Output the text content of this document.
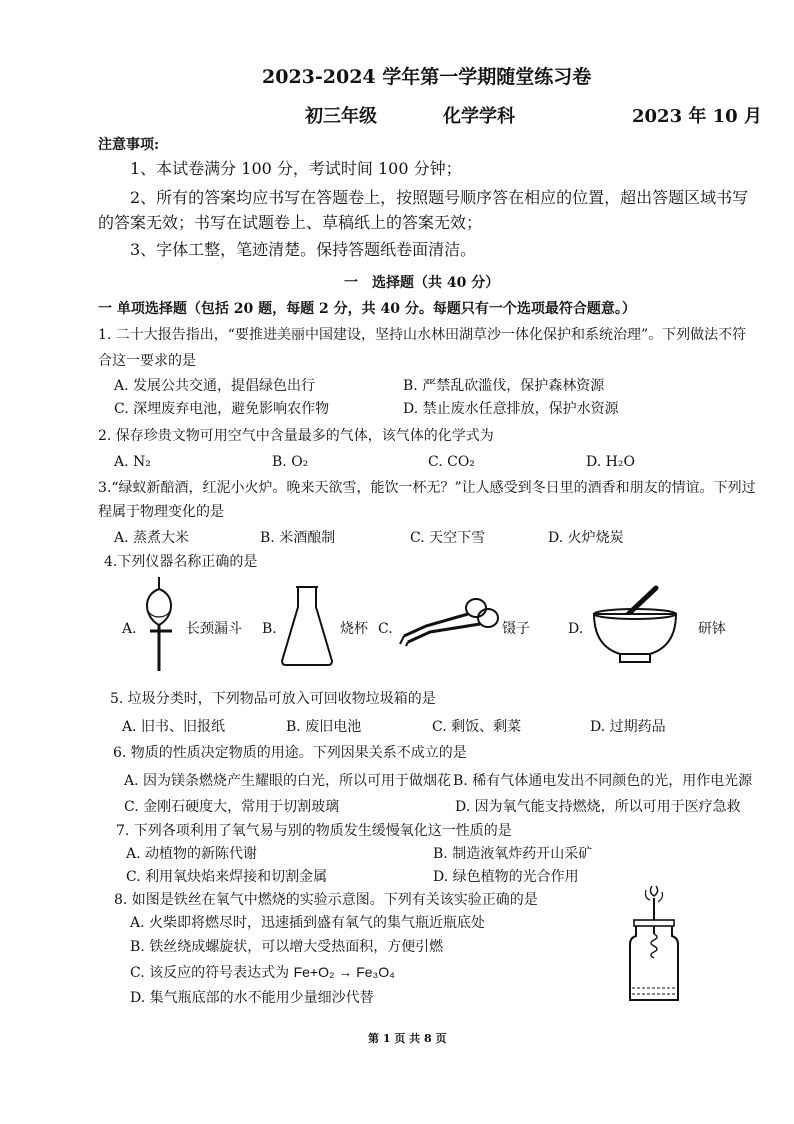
2023-2024 学年第一学期随堂练习卷
初三年级	化学学科	2023 年 10 月
注意事项:
1、本试卷满分 100 分，考试时间 100 分钟；
2、所有的答案均应书写在答题卷上，按照题号顺序答在相应的位置，超出答题区域书写
的答案无效；书写在试题卷上、草稿纸上的答案无效；
3、字体工整，笔迹清楚。保持答题纸卷面清洁。
一　选择题（共 40 分）
一 单项选择题（包括 20 题，每题 2 分，共 40 分。每题只有一个选项最符合题意。）
1. 二十大报告指出，“要推进美丽中国建设，坚持山水林田湖草沙一体化保护和系统治理”。下列做法不符
合这一要求的是
A. 发展公共交通，提倡绿色出行	B. 严禁乱砍滥伐，保护森林资源
C. 深埋废弃电池，避免影响农作物	D. 禁止废水任意排放，保护水资源
2. 保存珍贵文物可用空气中含量最多的气体，该气体的化学式为
A. N₂	B. O₂	C. CO₂	D. H₂O
3.“绿蚁新醅酒，红泥小火炉。晚来天欲雪，能饮一杯无？”让人感受到冬日里的酒香和朋友的情谊。下列过
程属于物理变化的是
A. 蒸煮大米	B. 米酒酿制	C. 天空下雪	D. 火炉烧炭
4.下列仪器名称正确的是
A.	长颈漏斗 B.	烧杯 C.	镊子	D.	研钵
5. 垃圾分类时，下列物品可放入可回收物垃圾箱的是
A. 旧书、旧报纸	B. 废旧电池	C. 剩饭、剩菜	D. 过期药品
6. 物质的性质决定物质的用途。下列因果关系不成立的是
A. 因为镁条燃烧产生耀眼的白光，所以可用于做烟花 B. 稀有气体通电发出不同颜色的光，用作电光源
C. 金刚石硬度大，常用于切割玻璃	D. 因为氧气能支持燃烧，所以可用于医疗急救
7. 下列各项利用了氧气易与别的物质发生缓慢氧化这一性质的是
A. 动植物的新陈代谢	B. 制造液氧炸药开山采矿
C. 利用氧炔焰来焊接和切割金属	D. 绿色植物的光合作用
8. 如图是铁丝在氧气中燃烧的实验示意图。下列有关该实验正确的是
A. 火柴即将燃尽时，迅速插到盛有氧气的集气瓶近瓶底处
B. 铁丝绕成螺旋状，可以增大受热面积，方便引燃
C. 该反应的符号表达式为 Fe+O₂ → Fe₃O₄
D. 集气瓶底部的水不能用少量细沙代替
第 1 页 共 8 页
